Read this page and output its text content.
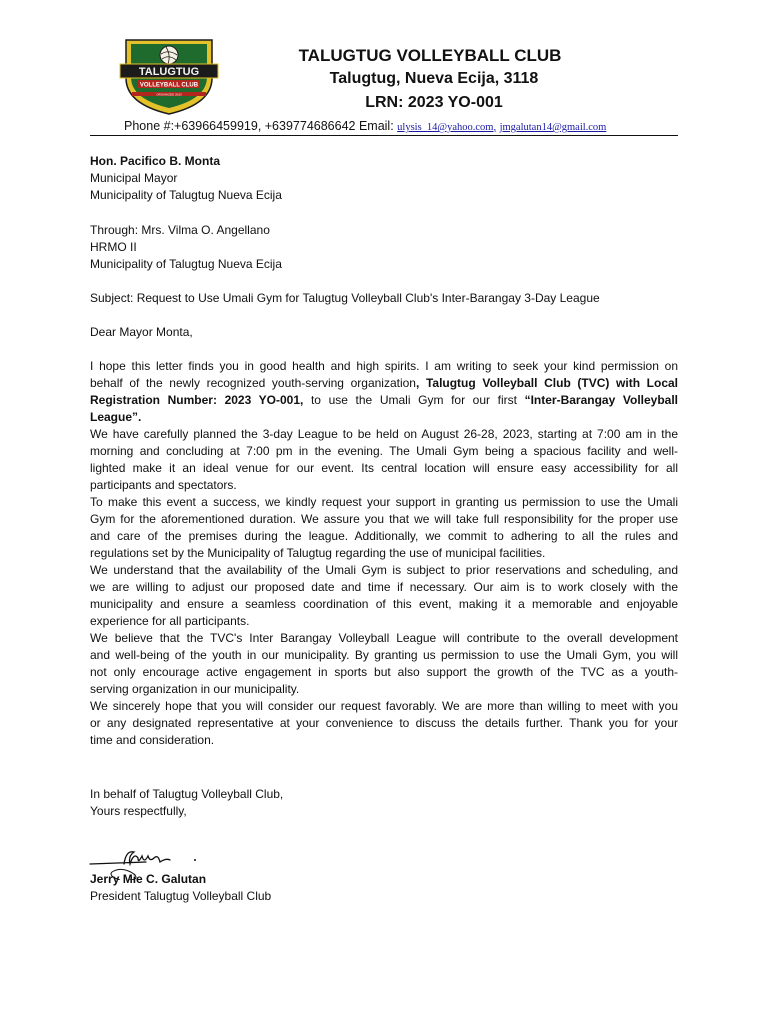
TALUGTUG
VOLLEYBALL CLUB
ORGANIZED 2023
TALUGTUG VOLLEYBALL CLUB
Talugtug, Nueva Ecija, 3118
LRN: 2023 YO-001
Phone #:+63966459919, +639774686642 Email: ulysis_14@yahoo.com, jmgalutan14@gmail.com
Hon. Pacifico B. Monta
Municipal Mayor
Municipality of Talugtug Nueva Ecija
Through: Mrs. Vilma O. Angellano
HRMO II
Municipality of Talugtug Nueva Ecija
Subject: Request to Use Umali Gym for Talugtug Volleyball Club's Inter-Barangay 3-Day League
Dear Mayor Monta,
I hope this letter finds you in good health and high spirits. I am writing to seek your kind permission on
behalf of the newly recognized youth-serving organization, Talugtug Volleyball Club (TVC) with Local
Registration Number: 2023 YO-001, to use the Umali Gym for our first “Inter-Barangay Volleyball
League”.
We have carefully planned the 3-day League to be held on August 26-28, 2023, starting at 7:00 am in the
morning and concluding at 7:00 pm in the evening. The Umali Gym being a spacious facility and well-
lighted make it an ideal venue for our event. Its central location will ensure easy accessibility for all
participants and spectators.
To make this event a success, we kindly request your support in granting us permission to use the Umali
Gym for the aforementioned duration. We assure you that we will take full responsibility for the proper use
and care of the premises during the league. Additionally, we commit to adhering to all the rules and
regulations set by the Municipality of Talugtug regarding the use of municipal facilities.
We understand that the availability of the Umali Gym is subject to prior reservations and scheduling, and
we are willing to adjust our proposed date and time if necessary. Our aim is to work closely with the
municipality and ensure a seamless coordination of this event, making it a memorable and enjoyable
experience for all participants.
We believe that the TVC's Inter Barangay Volleyball League will contribute to the overall development
and well-being of the youth in our municipality. By granting us permission to use the Umali Gym, you will
not only encourage active engagement in sports but also support the growth of the TVC as a youth-
serving organization in our municipality.
We sincerely hope that you will consider our request favorably. We are more than willing to meet with you
or any designated representative at your convenience to discuss the details further. Thank you for your
time and consideration.
In behalf of Talugtug Volleyball Club,
Yours respectfully,
Jerry Mie C. Galutan
President Talugtug Volleyball Club
